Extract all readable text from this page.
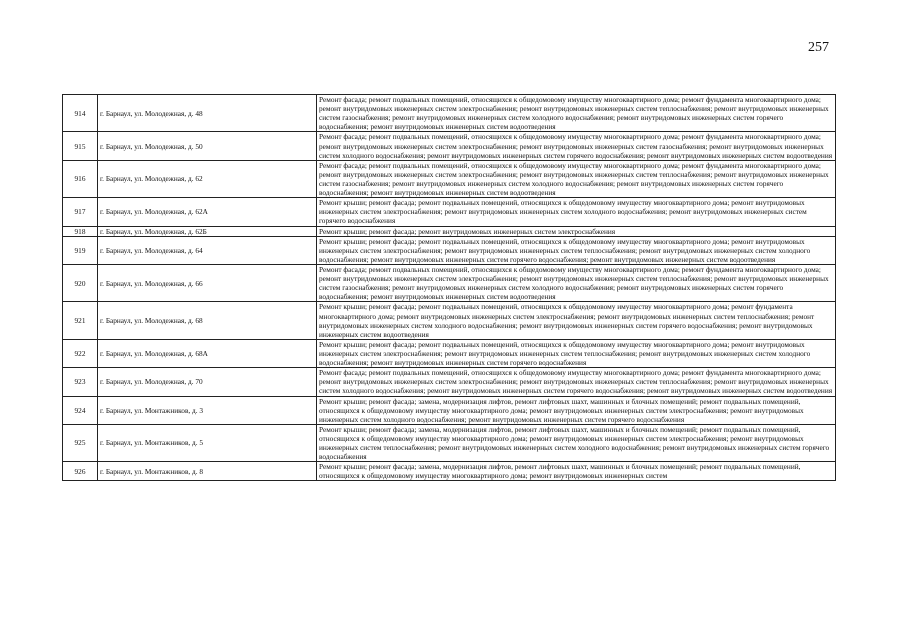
257
914	г. Барнаул, ул. Молодежная, д. 48	Ремонт фасада; ремонт подвальных помещений, относящихся к общедомовому имуществу многоквартирного дома; ремонт фундамента многоквартирного дома; ремонт внутридомовых инженерных систем электроснабжения; ремонт внутридомовых инженерных систем теплоснабжения; ремонт внутридомовых инженерных систем газоснабжения; ремонт внутридомовых инженерных систем холодного водоснабжения; ремонт внутридомовых инженерных систем горячего водоснабжения; ремонт внутридомовых инженерных систем водоотведения
915	г. Барнаул, ул. Молодежная, д. 50	Ремонт фасада; ремонт подвальных помещений, относящихся к общедомовому имуществу многоквартирного дома; ремонт фундамента многоквартирного дома; ремонт внутридомовых инженерных систем электроснабжения; ремонт внутридомовых инженерных систем газоснабжения; ремонт внутридомовых инженерных систем холодного водоснабжения; ремонт внутридомовых инженерных систем горячего водоснабжения; ремонт внутридомовых инженерных систем водоотведения
916	г. Барнаул, ул. Молодежная, д. 62	Ремонт фасада; ремонт подвальных помещений, относящихся к общедомовому имуществу многоквартирного дома; ремонт фундамента многоквартирного дома; ремонт внутридомовых инженерных систем электроснабжения; ремонт внутридомовых инженерных систем теплоснабжения; ремонт внутридомовых инженерных систем газоснабжения; ремонт внутридомовых инженерных систем холодного водоснабжения; ремонт внутридомовых инженерных систем горячего водоснабжения; ремонт внутридомовых инженерных систем водоотведения
917	г. Барнаул, ул. Молодежная, д. 62А	Ремонт крыши; ремонт фасада; ремонт подвальных помещений, относящихся к общедомовому имуществу многоквартирного дома; ремонт внутридомовых инженерных систем электроснабжения; ремонт внутридомовых инженерных систем холодного водоснабжения; ремонт внутридомовых инженерных систем горячего водоснабжения
918	г. Барнаул, ул. Молодежная, д. 62Б	Ремонт крыши; ремонт фасада; ремонт внутридомовых инженерных систем электроснабжения
919	г. Барнаул, ул. Молодежная, д. 64	Ремонт крыши; ремонт фасада; ремонт подвальных помещений, относящихся к общедомовому имуществу многоквартирного дома; ремонт внутридомовых инженерных систем электроснабжения; ремонт внутридомовых инженерных систем теплоснабжения; ремонт внутридомовых инженерных систем холодного водоснабжения; ремонт внутридомовых инженерных систем горячего водоснабжения; ремонт внутридомовых инженерных систем водоотведения
920	г. Барнаул, ул. Молодежная, д. 66	Ремонт фасада; ремонт подвальных помещений, относящихся к общедомовому имуществу многоквартирного дома; ремонт фундамента многоквартирного дома; ремонт внутридомовых инженерных систем электроснабжения; ремонт внутридомовых инженерных систем теплоснабжения; ремонт внутридомовых инженерных систем газоснабжения; ремонт внутридомовых инженерных систем холодного водоснабжения; ремонт внутридомовых инженерных систем горячего водоснабжения; ремонт внутридомовых инженерных систем водоотведения
921	г. Барнаул, ул. Молодежная, д. 68	Ремонт крыши; ремонт фасада; ремонт подвальных помещений, относящихся к общедомовому имуществу многоквартирного дома; ремонт фундамента многоквартирного дома; ремонт внутридомовых инженерных систем электроснабжения; ремонт внутридомовых инженерных систем теплоснабжения; ремонт внутридомовых инженерных систем холодного водоснабжения; ремонт внутридомовых инженерных систем горячего водоснабжения; ремонт внутридомовых инженерных систем водоотведения
922	г. Барнаул, ул. Молодежная, д. 68А	Ремонт крыши; ремонт фасада; ремонт подвальных помещений, относящихся к общедомовому имуществу многоквартирного дома; ремонт внутридомовых инженерных систем электроснабжения; ремонт внутридомовых инженерных систем теплоснабжения; ремонт внутридомовых инженерных систем холодного водоснабжения; ремонт внутридомовых инженерных систем горячего водоснабжения
923	г. Барнаул, ул. Молодежная, д. 70	Ремонт фасада; ремонт подвальных помещений, относящихся к общедомовому имуществу многоквартирного дома; ремонт фундамента многоквартирного дома; ремонт внутридомовых инженерных систем электроснабжения; ремонт внутридомовых инженерных систем теплоснабжения; ремонт внутридомовых инженерных систем холодного водоснабжения; ремонт внутридомовых инженерных систем горячего водоснабжения; ремонт внутридомовых инженерных систем водоотведения
924	г. Барнаул, ул. Монтажников, д. 3	Ремонт крыши; ремонт фасада; замена, модернизация лифтов, ремонт лифтовых шахт, машинных и блочных помещений; ремонт подвальных помещений, относящихся к общедомовому имуществу многоквартирного дома; ремонт внутридомовых инженерных систем электроснабжения; ремонт внутридомовых инженерных систем холодного водоснабжения; ремонт внутридомовых инженерных систем горячего водоснабжения
925	г. Барнаул, ул. Монтажников, д. 5	Ремонт крыши; ремонт фасада; замена, модернизация лифтов, ремонт лифтовых шахт, машинных и блочных помещений; ремонт подвальных помещений, относящихся к общедомовому имуществу многоквартирного дома; ремонт внутридомовых инженерных систем электроснабжения; ремонт внутридомовых инженерных систем теплоснабжения; ремонт внутридомовых инженерных систем холодного водоснабжения; ремонт внутридомовых инженерных систем горячего водоснабжения
926	г. Барнаул, ул. Монтажников, д. 8	Ремонт крыши; ремонт фасада; замена, модернизация лифтов, ремонт лифтовых шахт, машинных и блочных помещений; ремонт подвальных помещений, относящихся к общедомовому имуществу многоквартирного дома; ремонт внутридомовых инженерных систем
